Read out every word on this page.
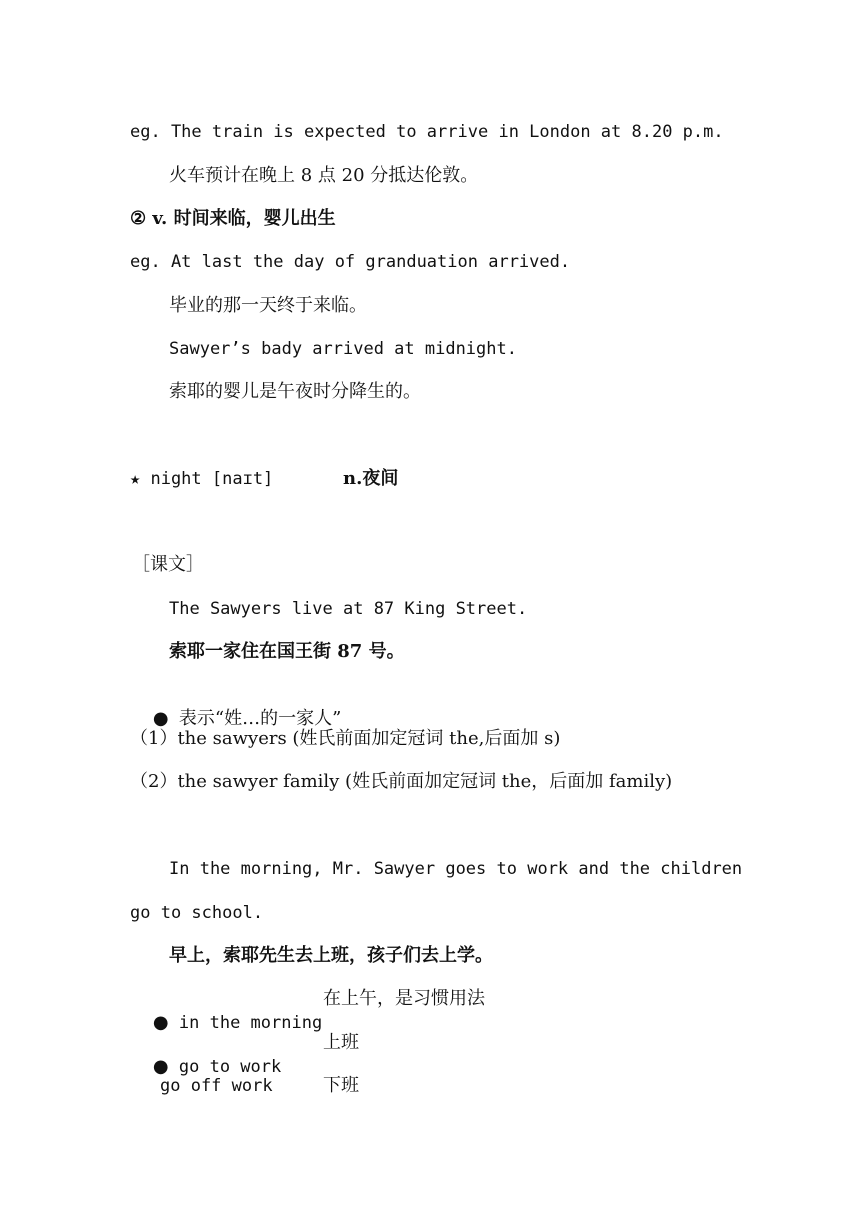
eg. The train is expected to arrive in London at 8.20 p.m.
火车预计在晚上 8 点 20 分抵达伦敦。
② v. 时间来临，婴儿出生
eg. At last the day of granduation arrived.
毕业的那一天终于来临。
Sawyer’s bady arrived at midnight.
索耶的婴儿是午夜时分降生的。
★ night [naɪt]	n.夜间
［课文］
The Sawyers live at 87 King Street.
索耶一家住在国王街 87 号。

● 表示“姓…的一家人”

（1）the sawyers (姓氏前面加定冠词 the,后面加 s)
（2）the sawyer family (姓氏前面加定冠词 the，后面加 family)
In the morning, Mr. Sawyer goes to work and the children
go to school.
早上，索耶先生去上班，孩子们去上学。

● in the morning

在上午，是习惯用法

● go to work

上班
go off work	下班
